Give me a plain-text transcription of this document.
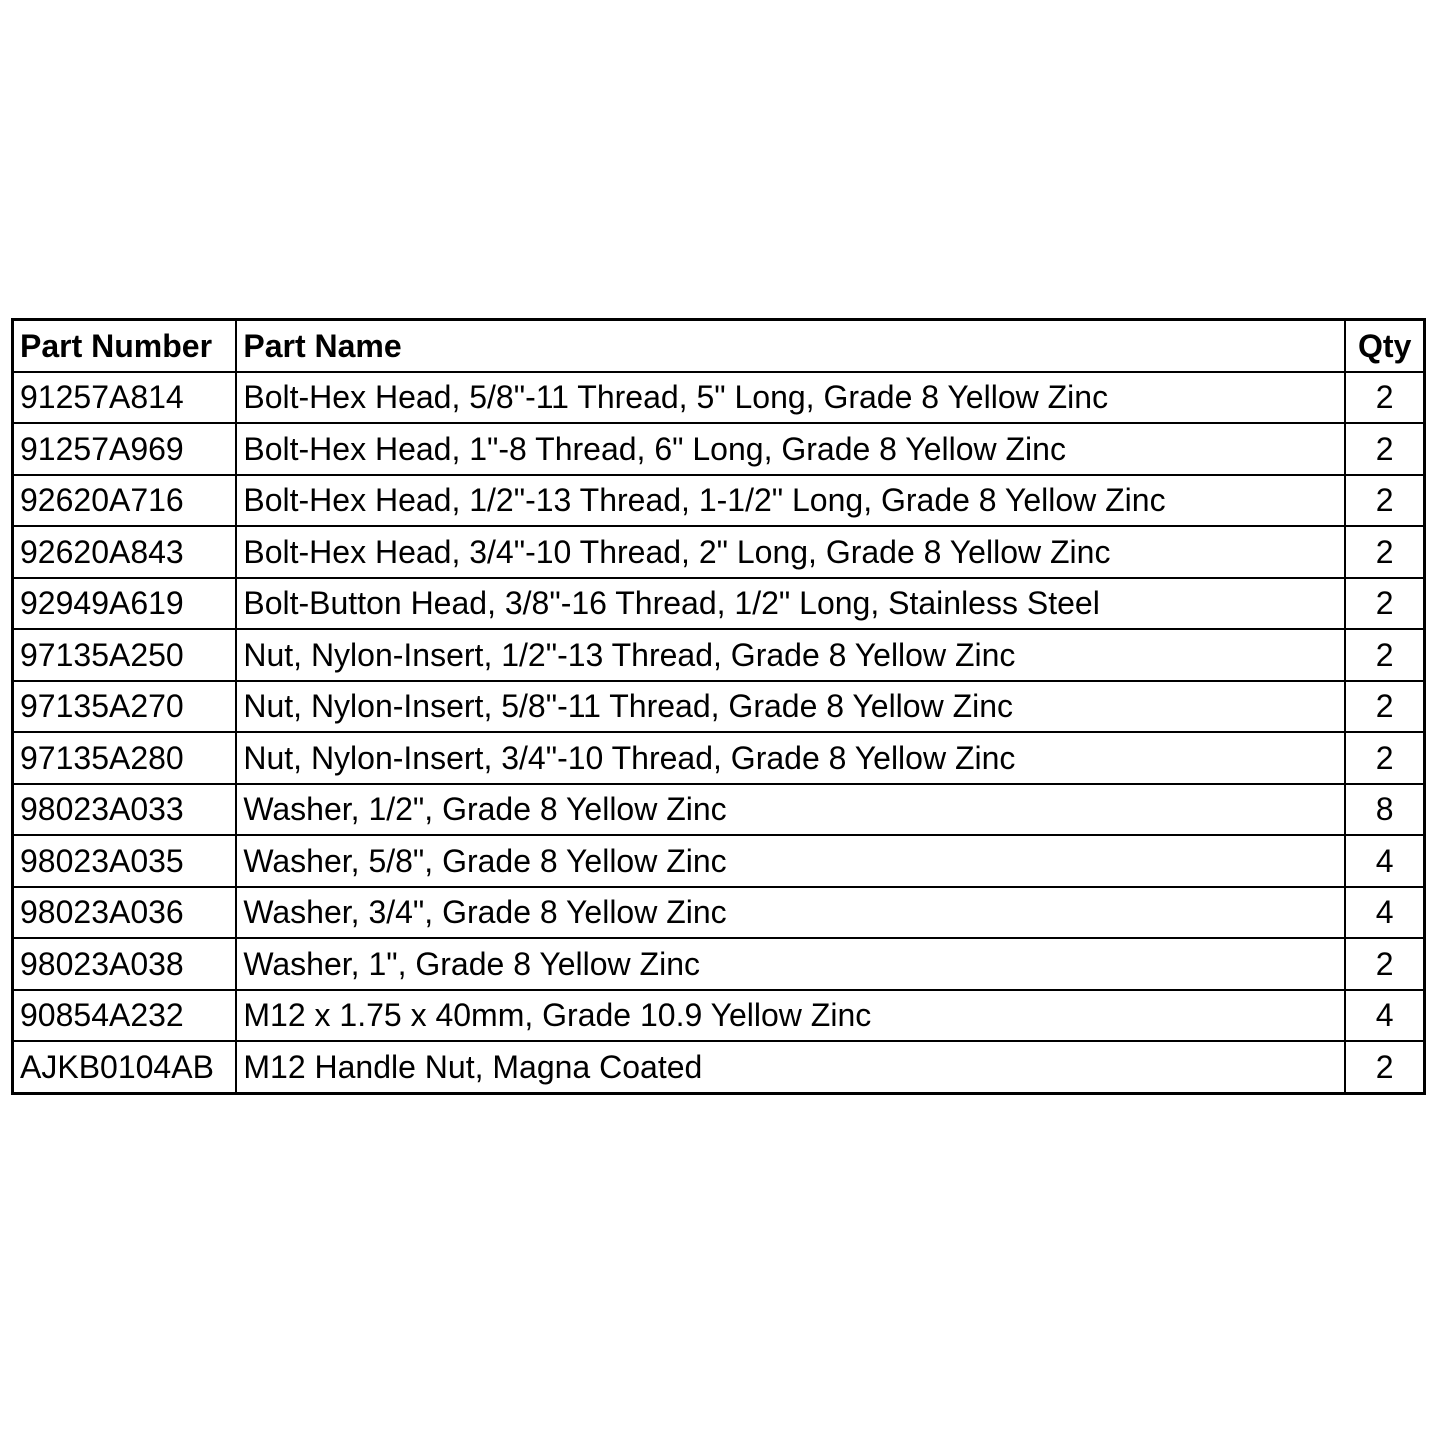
Part Number	Part Name	Qty
91257A814	Bolt-Hex Head, 5/8"-11 Thread, 5" Long, Grade 8 Yellow Zinc	2
91257A969	Bolt-Hex Head, 1"-8 Thread, 6" Long, Grade 8 Yellow Zinc	2
92620A716	Bolt-Hex Head, 1/2"-13 Thread, 1-1/2" Long, Grade 8 Yellow Zinc	2
92620A843	Bolt-Hex Head, 3/4"-10 Thread, 2" Long, Grade 8 Yellow Zinc	2
92949A619	Bolt-Button Head, 3/8"-16 Thread, 1/2" Long, Stainless Steel	2
97135A250	Nut, Nylon-Insert, 1/2"-13 Thread, Grade 8 Yellow Zinc	2
97135A270	Nut, Nylon-Insert, 5/8"-11 Thread, Grade 8 Yellow Zinc	2
97135A280	Nut, Nylon-Insert, 3/4"-10 Thread, Grade 8 Yellow Zinc	2
98023A033	Washer, 1/2", Grade 8 Yellow Zinc	8
98023A035	Washer, 5/8", Grade 8 Yellow Zinc	4
98023A036	Washer, 3/4", Grade 8 Yellow Zinc	4
98023A038	Washer, 1", Grade 8 Yellow Zinc	2
90854A232	M12 x 1.75 x 40mm, Grade 10.9 Yellow Zinc	4
AJKB0104AB	M12 Handle Nut, Magna Coated	2
